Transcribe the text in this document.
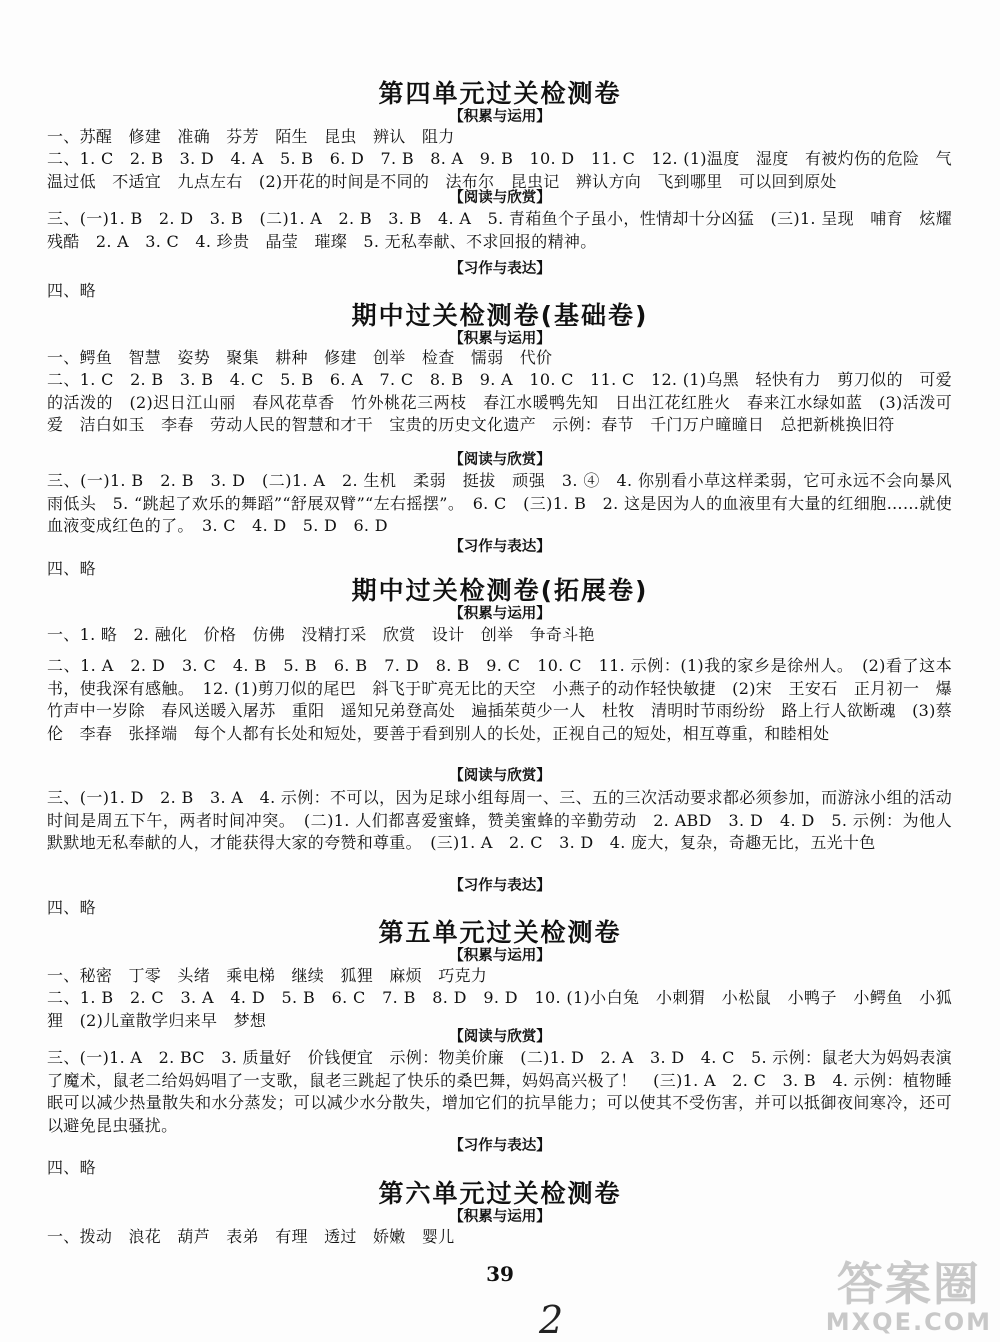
第四单元过关检测卷
【积累与运用】
一、苏醒　修建　准确　芬芳　陌生　昆虫　辨认　阻力
二、1. C　2. B　3. D　4. A　5. B　6. D　7. B　8. A　9. B　10. D　11. C　12. (1)温度　湿度　有被灼伤的危险　气温过低　不适宜　九点左右　(2)开花的时间是不同的　法布尔　昆虫记　辨认方向　飞到哪里　可以回到原处
【阅读与欣赏】
三、(一)1. B　2. D　3. B　(二)1. A　2. B　3. B　4. A　5. 青葙鱼个子虽小，性情却十分凶猛　(三)1. 呈现　哺育　炫耀　残酷　2. A　3. C　4. 珍贵　晶莹　璀璨　5. 无私奉献、不求回报的精神。
【习作与表达】
四、略
期中过关检测卷(基础卷)
【积累与运用】
一、鳄鱼　智慧　姿势　聚集　耕种　修建　创举　检查　懦弱　代价
二、1. C　2. B　3. B　4. C　5. B　6. A　7. C　8. B　9. A　10. C　11. C　12. (1)乌黑　轻快有力　剪刀似的　可爱的活泼的　(2)迟日江山丽　春风花草香　竹外桃花三两枝　春江水暖鸭先知　日出江花红胜火　春来江水绿如蓝　(3)活泼可爱　洁白如玉　李春　劳动人民的智慧和才干　宝贵的历史文化遗产　示例：春节　千门万户曈曈日　总把新桃换旧符
【阅读与欣赏】
三、(一)1. B　2. B　3. D　(二)1. A　2. 生机　柔弱　挺拔　顽强　3. ④　4. 你别看小草这样柔弱，它可永远不会向暴风雨低头　5. “跳起了欢乐的舞蹈”“舒展双臂”“左右摇摆”。　6. C　(三)1. B　2. 这是因为人的血液里有大量的红细胞……就使血液变成红色的了。　3. C　4. D　5. D　6. D
【习作与表达】
四、略
期中过关检测卷(拓展卷)
【积累与运用】
一、1. 略　2. 融化　价格　仿佛　没精打采　欣赏　设计　创举　争奇斗艳
二、1. A　2. D　3. C　4. B　5. B　6. B　7. D　8. B　9. C　10. C　11. 示例：(1)我的家乡是徐州人。　(2)看了这本书，使我深有感触。　12. (1)剪刀似的尾巴　斜飞于旷亮无比的天空　小燕子的动作轻快敏捷　(2)宋　王安石　正月初一　爆竹声中一岁除　春风送暖入屠苏　重阳　遥知兄弟登高处　遍插茱萸少一人　杜牧　清明时节雨纷纷　路上行人欲断魂　(3)蔡伦　李春　张择端　每个人都有长处和短处，要善于看到别人的长处，正视自己的短处，相互尊重，和睦相处
【阅读与欣赏】
三、(一)1. D　2. B　3. A　4. 示例：不可以，因为足球小组每周一、三、五的三次活动要求都必须参加，而游泳小组的活动时间是周五下午，两者时间冲突。　(二)1. 人们都喜爱蜜蜂，赞美蜜蜂的辛勤劳动　2. ABD　3. D　4. D　5. 示例：为他人默默地无私奉献的人，才能获得大家的夸赞和尊重。　(三)1. A　2. C　3. D　4. 庞大，复杂，奇趣无比，五光十色
【习作与表达】
四、略
第五单元过关检测卷
【积累与运用】
一、秘密　丁零　头绪　乘电梯　继续　狐狸　麻烦　巧克力
二、1. B　2. C　3. A　4. D　5. B　6. C　7. B　8. D　9. D　10. (1)小白兔　小刺猬　小松鼠　小鸭子　小鳄鱼　小狐狸　(2)儿童散学归来早　梦想
【阅读与欣赏】
三、(一)1. A　2. BC　3. 质量好　价钱便宜　示例：物美价廉　(二)1. D　2. A　3. D　4. C　5. 示例：鼠老大为妈妈表演了魔术，鼠老二给妈妈唱了一支歌，鼠老三跳起了快乐的桑巴舞，妈妈高兴极了！　(三)1. A　2. C　3. B　4. 示例：植物睡眠可以减少热量散失和水分蒸发；可以减少水分散失，增加它们的抗旱能力；可以使其不受伤害，并可以抵御夜间寒冷，还可以避免昆虫骚扰。
【习作与表达】
四、略
第六单元过关检测卷
【积累与运用】
一、拨动　浪花　葫芦　表弟　有理　透过　娇嫩　婴儿
39
2
答案圈
MXQE.COM
